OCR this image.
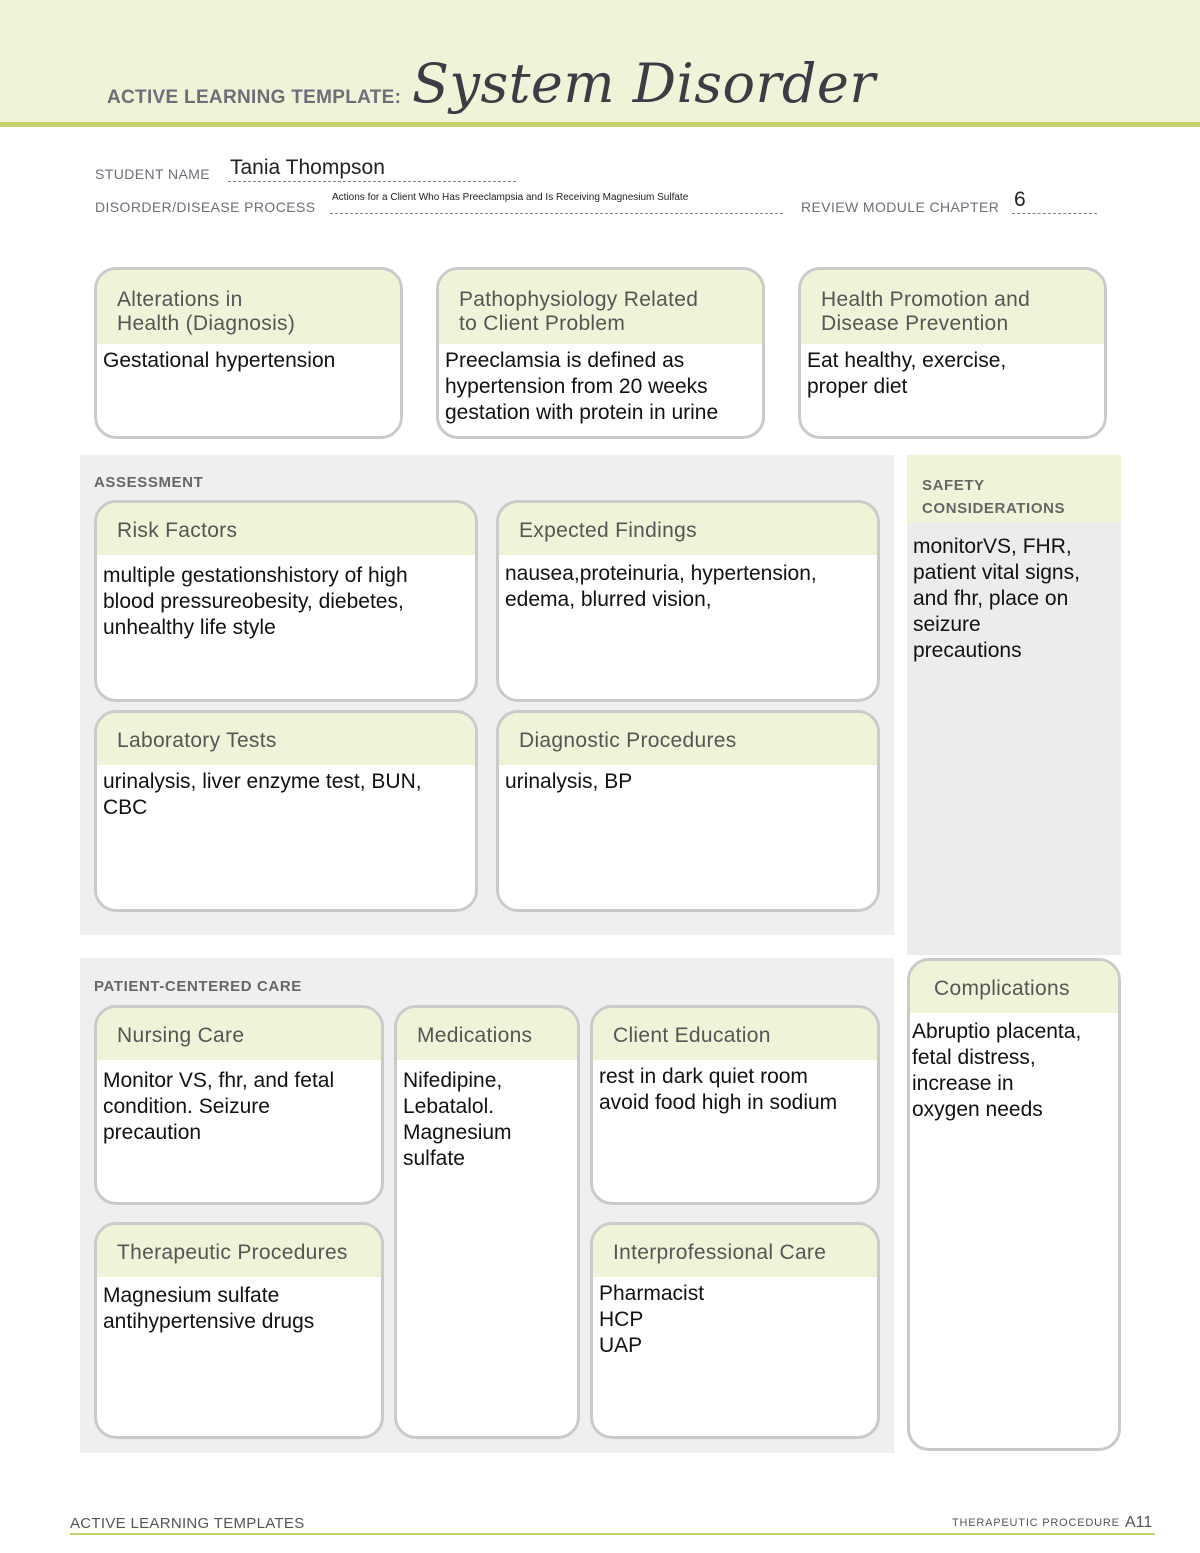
ACTIVE LEARNING TEMPLATE: System Disorder
STUDENT NAME Tania Thompson
DISORDER/DISEASE PROCESS
Actions for a Client Who Has Preeclampsia and Is Receiving Magnesium Sulfate
REVIEW MODULE CHAPTER 6
Alterations in
Health (Diagnosis)
Gestational hypertension
Pathophysiology Related
to Client Problem
Preeclamsia is defined as
hypertension from 20 weeks
gestation with protein in urine
Health Promotion and
Disease Prevention
Eat healthy, exercise,
proper diet
ASSESSMENT
Risk Factors
multiple gestationshistory of high
blood pressureobesity, diebetes,
unhealthy life style
Expected Findings
nausea,proteinuria, hypertension,
edema, blurred vision,
Laboratory Tests
urinalysis, liver enzyme test, BUN,
CBC
Diagnostic Procedures
urinalysis, BP
SAFETY
CONSIDERATIONS
monitorVS, FHR,
patient vital signs,
and fhr, place on
seizure
precautions
PATIENT-CENTERED CARE
Nursing Care
Monitor VS, fhr, and fetal
condition. Seizure
precaution
Medications
Nifedipine,
Lebatalol.
Magnesium
sulfate
Client Education
rest in dark quiet room
avoid food high in sodium
Therapeutic Procedures
Magnesium sulfate
antihypertensive drugs
Interprofessional Care
Pharmacist
HCP
UAP
Complications
Abruptio placenta,
fetal distress,
increase in
oxygen needs
ACTIVE LEARNING TEMPLATES	THERAPEUTIC PROCEDURE A11
